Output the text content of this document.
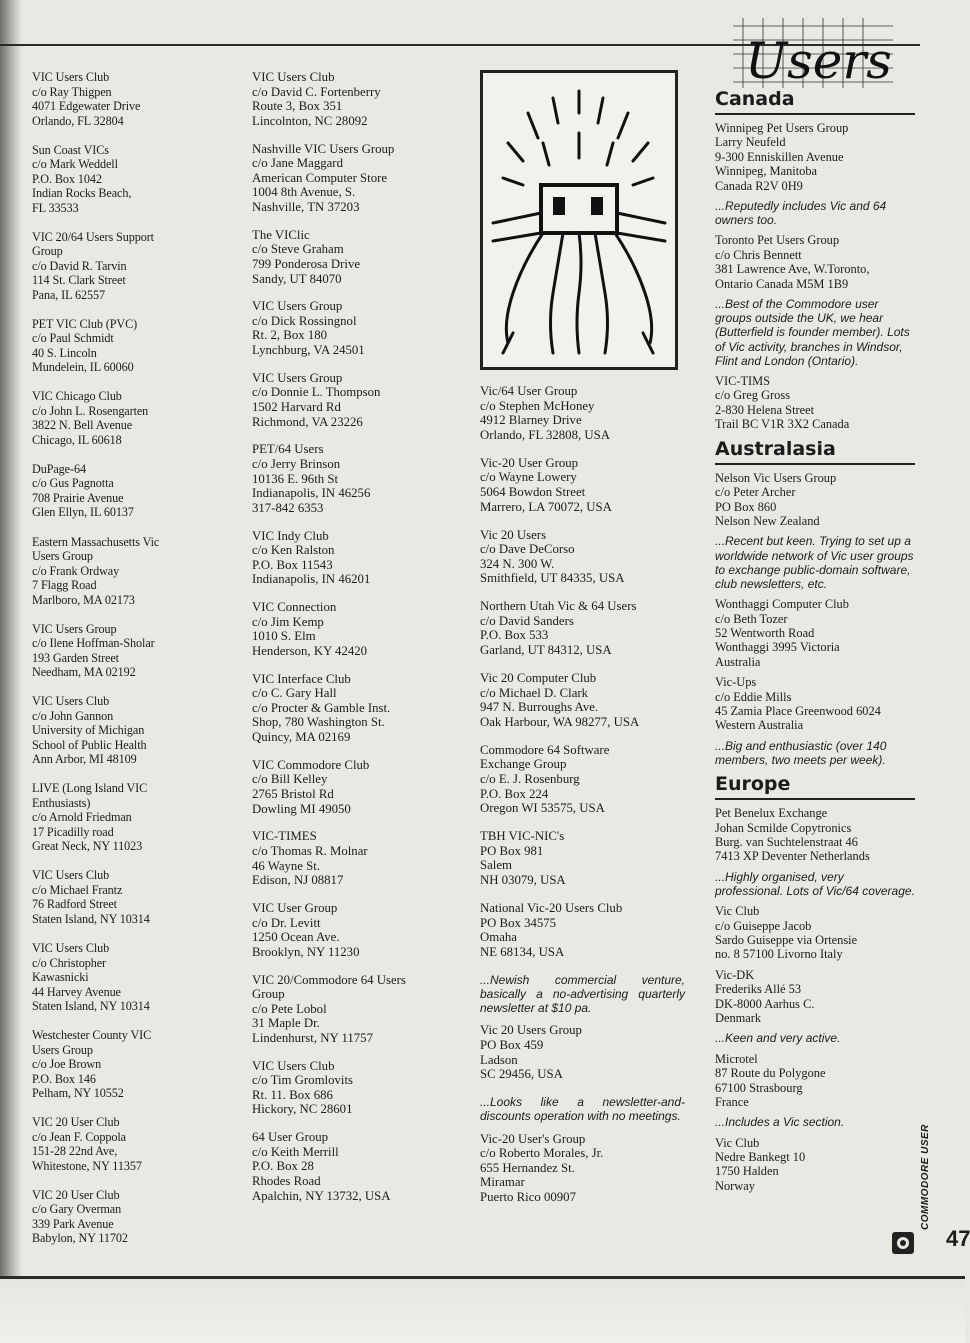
Users
VIC Users Club
c/o Ray Thigpen
4071 Edgewater Drive
Orlando, FL 32804
Sun Coast VICs
c/o Mark Weddell
P.O. Box 1042
Indian Rocks Beach,
FL 33533
VIC 20/64 Users Support
Group
c/o David R. Tarvin
114 St. Clark Street
Pana, IL 62557
PET VIC Club (PVC)
c/o Paul Schmidt
40 S. Lincoln
Mundelein, IL 60060
VIC Chicago Club
c/o John L. Rosengarten
3822 N. Bell Avenue
Chicago, IL 60618
DuPage-64
c/o Gus Pagnotta
708 Prairie Avenue
Glen Ellyn, IL 60137
Eastern Massachusetts Vic
Users Group
c/o Frank Ordway
7 Flagg Road
Marlboro, MA 02173
VIC Users Group
c/o Ilene Hoffman-Sholar
193 Garden Street
Needham, MA 02192
VIC Users Club
c/o John Gannon
University of Michigan
School of Public Health
Ann Arbor, MI 48109
LIVE (Long Island VIC
Enthusiasts)
c/o Arnold Friedman
17 Picadilly road
Great Neck, NY 11023
VIC Users Club
c/o Michael Frantz
76 Radford Street
Staten Island, NY 10314
VIC Users Club
c/o Christopher
Kawasnicki
44 Harvey Avenue
Staten Island, NY 10314
Westchester County VIC
Users Group
c/o Joe Brown
P.O. Box 146
Pelham, NY 10552
VIC 20 User Club
c/o Jean F. Coppola
151-28 22nd Ave,
Whitestone, NY 11357
VIC 20 User Club
c/o Gary Overman
339 Park Avenue
Babylon, NY 11702
VIC Users Club
c/o David C. Fortenberry
Route 3, Box 351
Lincolnton, NC 28092
Nashville VIC Users Group
c/o Jane Maggard
American Computer Store
1004 8th Avenue, S.
Nashville, TN 37203
The VIClic
c/o Steve Graham
799 Ponderosa Drive
Sandy, UT 84070
VIC Users Group
c/o Dick Rossingnol
Rt. 2, Box 180
Lynchburg, VA 24501
VIC Users Group
c/o Donnie L. Thompson
1502 Harvard Rd
Richmond, VA 23226
PET/64 Users
c/o Jerry Brinson
10136 E. 96th St
Indianapolis, IN 46256
317-842 6353
VIC Indy Club
c/o Ken Ralston
P.O. Box 11543
Indianapolis, IN 46201
VIC Connection
c/o Jim Kemp
1010 S. Elm
Henderson, KY 42420
VIC Interface Club
c/o C. Gary Hall
c/o Procter & Gamble Inst.
Shop, 780 Washington St.
Quincy, MA 02169
VIC Commodore Club
c/o Bill Kelley
2765 Bristol Rd
Dowling MI 49050
VIC-TIMES
c/o Thomas R. Molnar
46 Wayne St.
Edison, NJ 08817
VIC User Group
c/o Dr. Levitt
1250 Ocean Ave.
Brooklyn, NY 11230
VIC 20/Commodore 64 Users
Group
c/o Pete Lobol
31 Maple Dr.
Lindenhurst, NY 11757
VIC Users Club
c/o Tim Gromlovits
Rt. 11. Box 686
Hickory, NC 28601
64 User Group
c/o Keith Merrill
P.O. Box 28
Rhodes Road
Apalchin, NY 13732, USA
Vic/64 User Group
c/o Stephen McHoney
4912 Blarney Drive
Orlando, FL 32808, USA
Vic-20 User Group
c/o Wayne Lowery
5064 Bowdon Street
Marrero, LA 70072, USA
Vic 20 Users
c/o Dave DeCorso
324 N. 300 W.
Smithfield, UT 84335, USA
Northern Utah Vic & 64 Users
c/o David Sanders
P.O. Box 533
Garland, UT 84312, USA
Vic 20 Computer Club
c/o Michael D. Clark
947 N. Burroughs Ave.
Oak Harbour, WA 98277, USA
Commodore 64 Software
Exchange Group
c/o E. J. Rosenburg
P.O. Box 224
Oregon WI 53575, USA
TBH VIC-NIC's
PO Box 981
Salem
NH 03079, USA
National Vic-20 Users Club
PO Box 34575
Omaha
NE 68134, USA
...Newish commercial venture, basically a no-advertising quarterly newsletter at $10 pa.
Vic 20 Users Group
PO Box 459
Ladson
SC 29456, USA
...Looks like a newsletter-and-discounts operation with no meetings.
Vic-20 User's Group
c/o Roberto Morales, Jr.
655 Hernandez St.
Miramar
Puerto Rico 00907
Canada
Winnipeg Pet Users Group
Larry Neufeld
9-300 Enniskillen Avenue
Winnipeg, Manitoba
Canada R2V 0H9
...Reputedly includes Vic and 64 owners too.
Toronto Pet Users Group
c/o Chris Bennett
381 Lawrence Ave, W.Toronto,
Ontario Canada M5M 1B9
...Best of the Commodore user groups outside the UK, we hear (Butterfield is founder member). Lots of Vic activity, branches in Windsor, Flint and London (Ontario).
VIC-TIMS
c/o Greg Gross
2-830 Helena Street
Trail BC V1R 3X2 Canada
Australasia
Nelson Vic Users Group
c/o Peter Archer
PO Box 860
Nelson New Zealand
...Recent but keen. Trying to set up a worldwide network of Vic user groups to exchange public-domain software, club newsletters, etc.
Wonthaggi Computer Club
c/o Beth Tozer
52 Wentworth Road
Wonthaggi 3995 Victoria
Australia
Vic-Ups
c/o Eddie Mills
45 Zamia Place Greenwood 6024
Western Australia
...Big and enthusiastic (over 140 members, two meets per week).
Europe
Pet Benelux Exchange
Johan Scmilde Copytronics
Burg. van Suchtelenstraat 46
7413 XP Deventer Netherlands
...Highly organised, very professional. Lots of Vic/64 coverage.
Vic Club
c/o Guiseppe Jacob
Sardo Guiseppe via Ortensie
no. 8 57100 Livorno Italy
Vic-DK
Frederiks Allé 53
DK-8000 Aarhus C.
Denmark
...Keen and very active.
Microtel
87 Route du Polygone
67100 Strasbourg
France
...Includes a Vic section.
Vic Club
Nedre Bankegt 10
1750 Halden
Norway	COMMODORE USER
47
